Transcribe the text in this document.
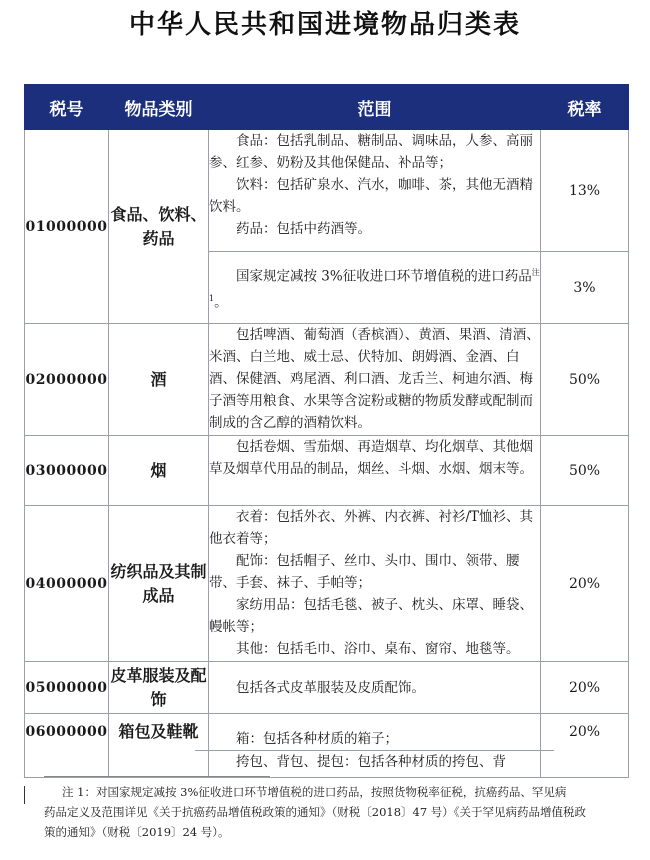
中华人民共和国进境物品归类表
税号	物品类别	范围	税率
01000000	食品、饮料、药品	食品：包括乳制品、糖制品、调味品，人参、高丽参、红参、奶粉及其他保健品、补品等；

饮料：包括矿泉水、汽水，咖啡、茶，其他无酒精饮料。

药品：包括中药酒等。	13%

		国家规定减按 3%征收进口环节增值税的进口药品$^{注1}$。	3%
02000000	酒	包括啤酒、葡萄酒（香槟酒）、黄酒、果酒、清酒、米酒、白兰地、威士忌、伏特加、朗姆酒、金酒、白酒、保健酒、鸡尾酒、利口酒、龙舌兰、柯迪尔酒、梅子酒等用粮食、水果等含淀粉或糖的物质发酵或配制而制成的含乙醇的酒精饮料。	50%
03000000	烟	包括卷烟、雪茄烟、再造烟草、均化烟草、其他烟草及烟草代用品的制品，烟丝、斗烟、水烟、烟末等。	50%
04000000	纺织品及其制成品	衣着：包括外衣、外裤、内衣裤、衬衫/T恤衫、其他衣着等；

配饰：包括帽子、丝巾、头巾、围巾、领带、腰带、手套、袜子、手帕等；

家纺用品：包括毛毯、被子、枕头、床罩、睡袋、幔帐等；

其他：包括毛巾、浴巾、桌布、窗帘、地毯等。	20%
05000000	皮革服装及配饰	包括各式皮革服装及皮质配饰。	20%
06000000	箱包及鞋靴	箱：包括各种材质的箱子；

挎包、背包、提包：包括各种材质的挎包、背	20%
注 1：对国家规定减按 3%征收进口环节增值税的进口药品，按照货物税率征税，抗癌药品、罕见病
药品定义及范围详见《关于抗癌药品增值税政策的通知》（财税〔2018〕47 号）《关于罕见病药品增值税政
策的通知》（财税〔2019〕24 号）。
